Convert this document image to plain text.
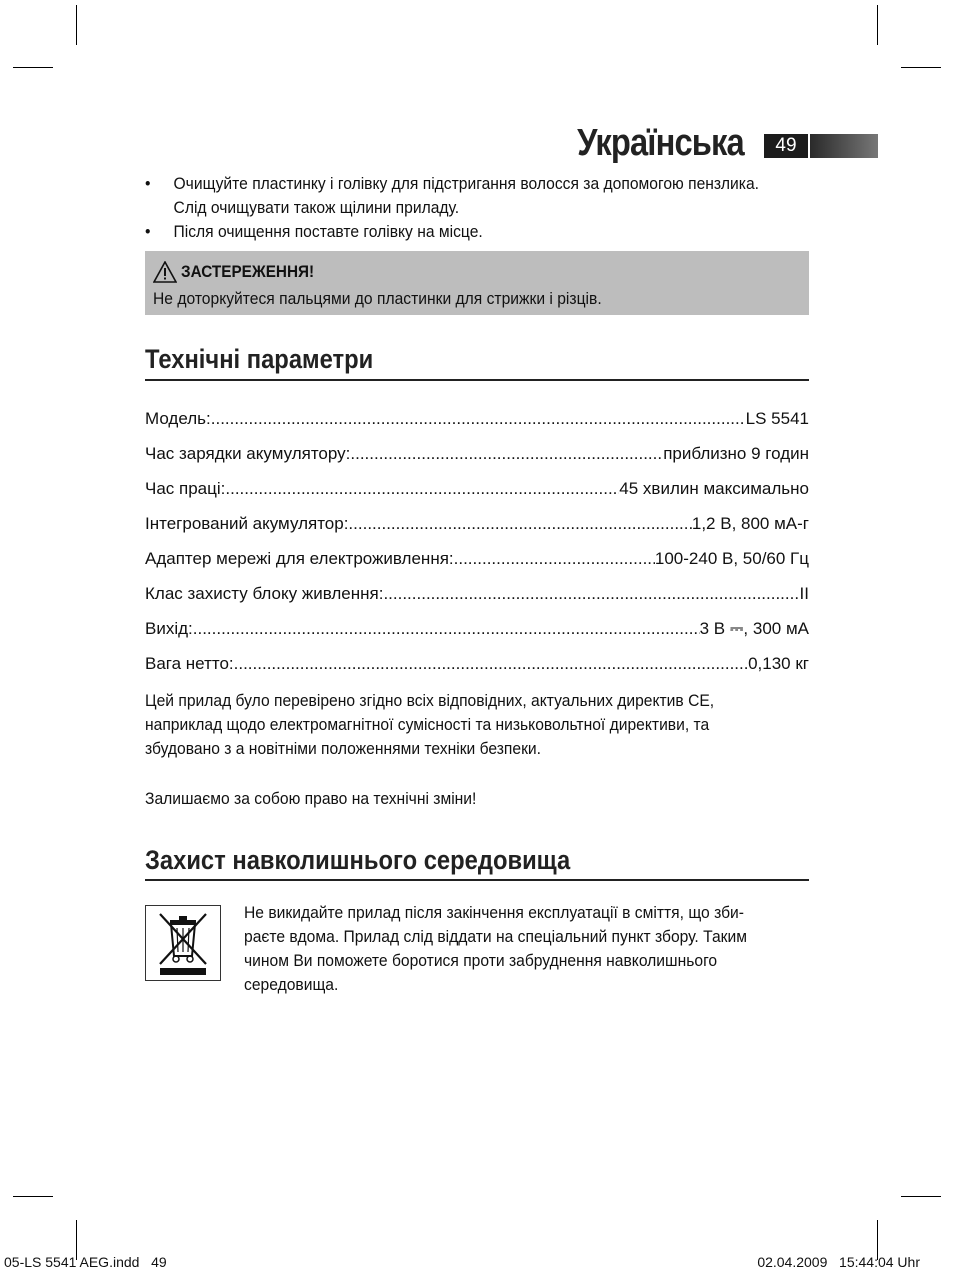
Українська	49
• Очищуйте пластинку і голівку для підстригання волосся за допомогою пензлика.
Слід очищувати також щілини приладу.
• Після очищення поставте голівку на місце.
ЗАСТЕРЕЖЕННЯ!
Не доторкуйтеся пальцями до пластинки для стрижки і різців.
Технічні параметри
Модель: .....	LS 5541
Час зарядки акумулятору: .....	приблизно 9 годин
Час праці: .....	45 хвилин максимально
Інтегрований акумулятор: .....	1,2 В, 800 мА-г
Адаптер мережі для електроживлення: .....	100-240 В, 50/60 Гц
Клас захисту блоку живлення: .....	II
Вихід: .....	3 В ⎓, 300 мА
Вага нетто: .....	0,130 кг
Цей прилад було перевірено згідно всіх відповідних, актуальних директив CE,
наприклад щодо електромагнітної сумісності та низьковольтної директиви, та
збудовано з а новітніми положеннями техніки безпеки.
Залишаємо за собою право на технічні зміни!
Захист навколишнього середовища
Не викидайте прилад після закінчення експлуатації в сміття, що зби-
раєте вдома. Прилад слід віддати на спеціальний пункт збору. Таким
чином Ви поможете боротися проти забруднення навколишнього
середовища.
05-LS 5541 AEG.indd   49	02.04.2009   15:44:04 Uhr
